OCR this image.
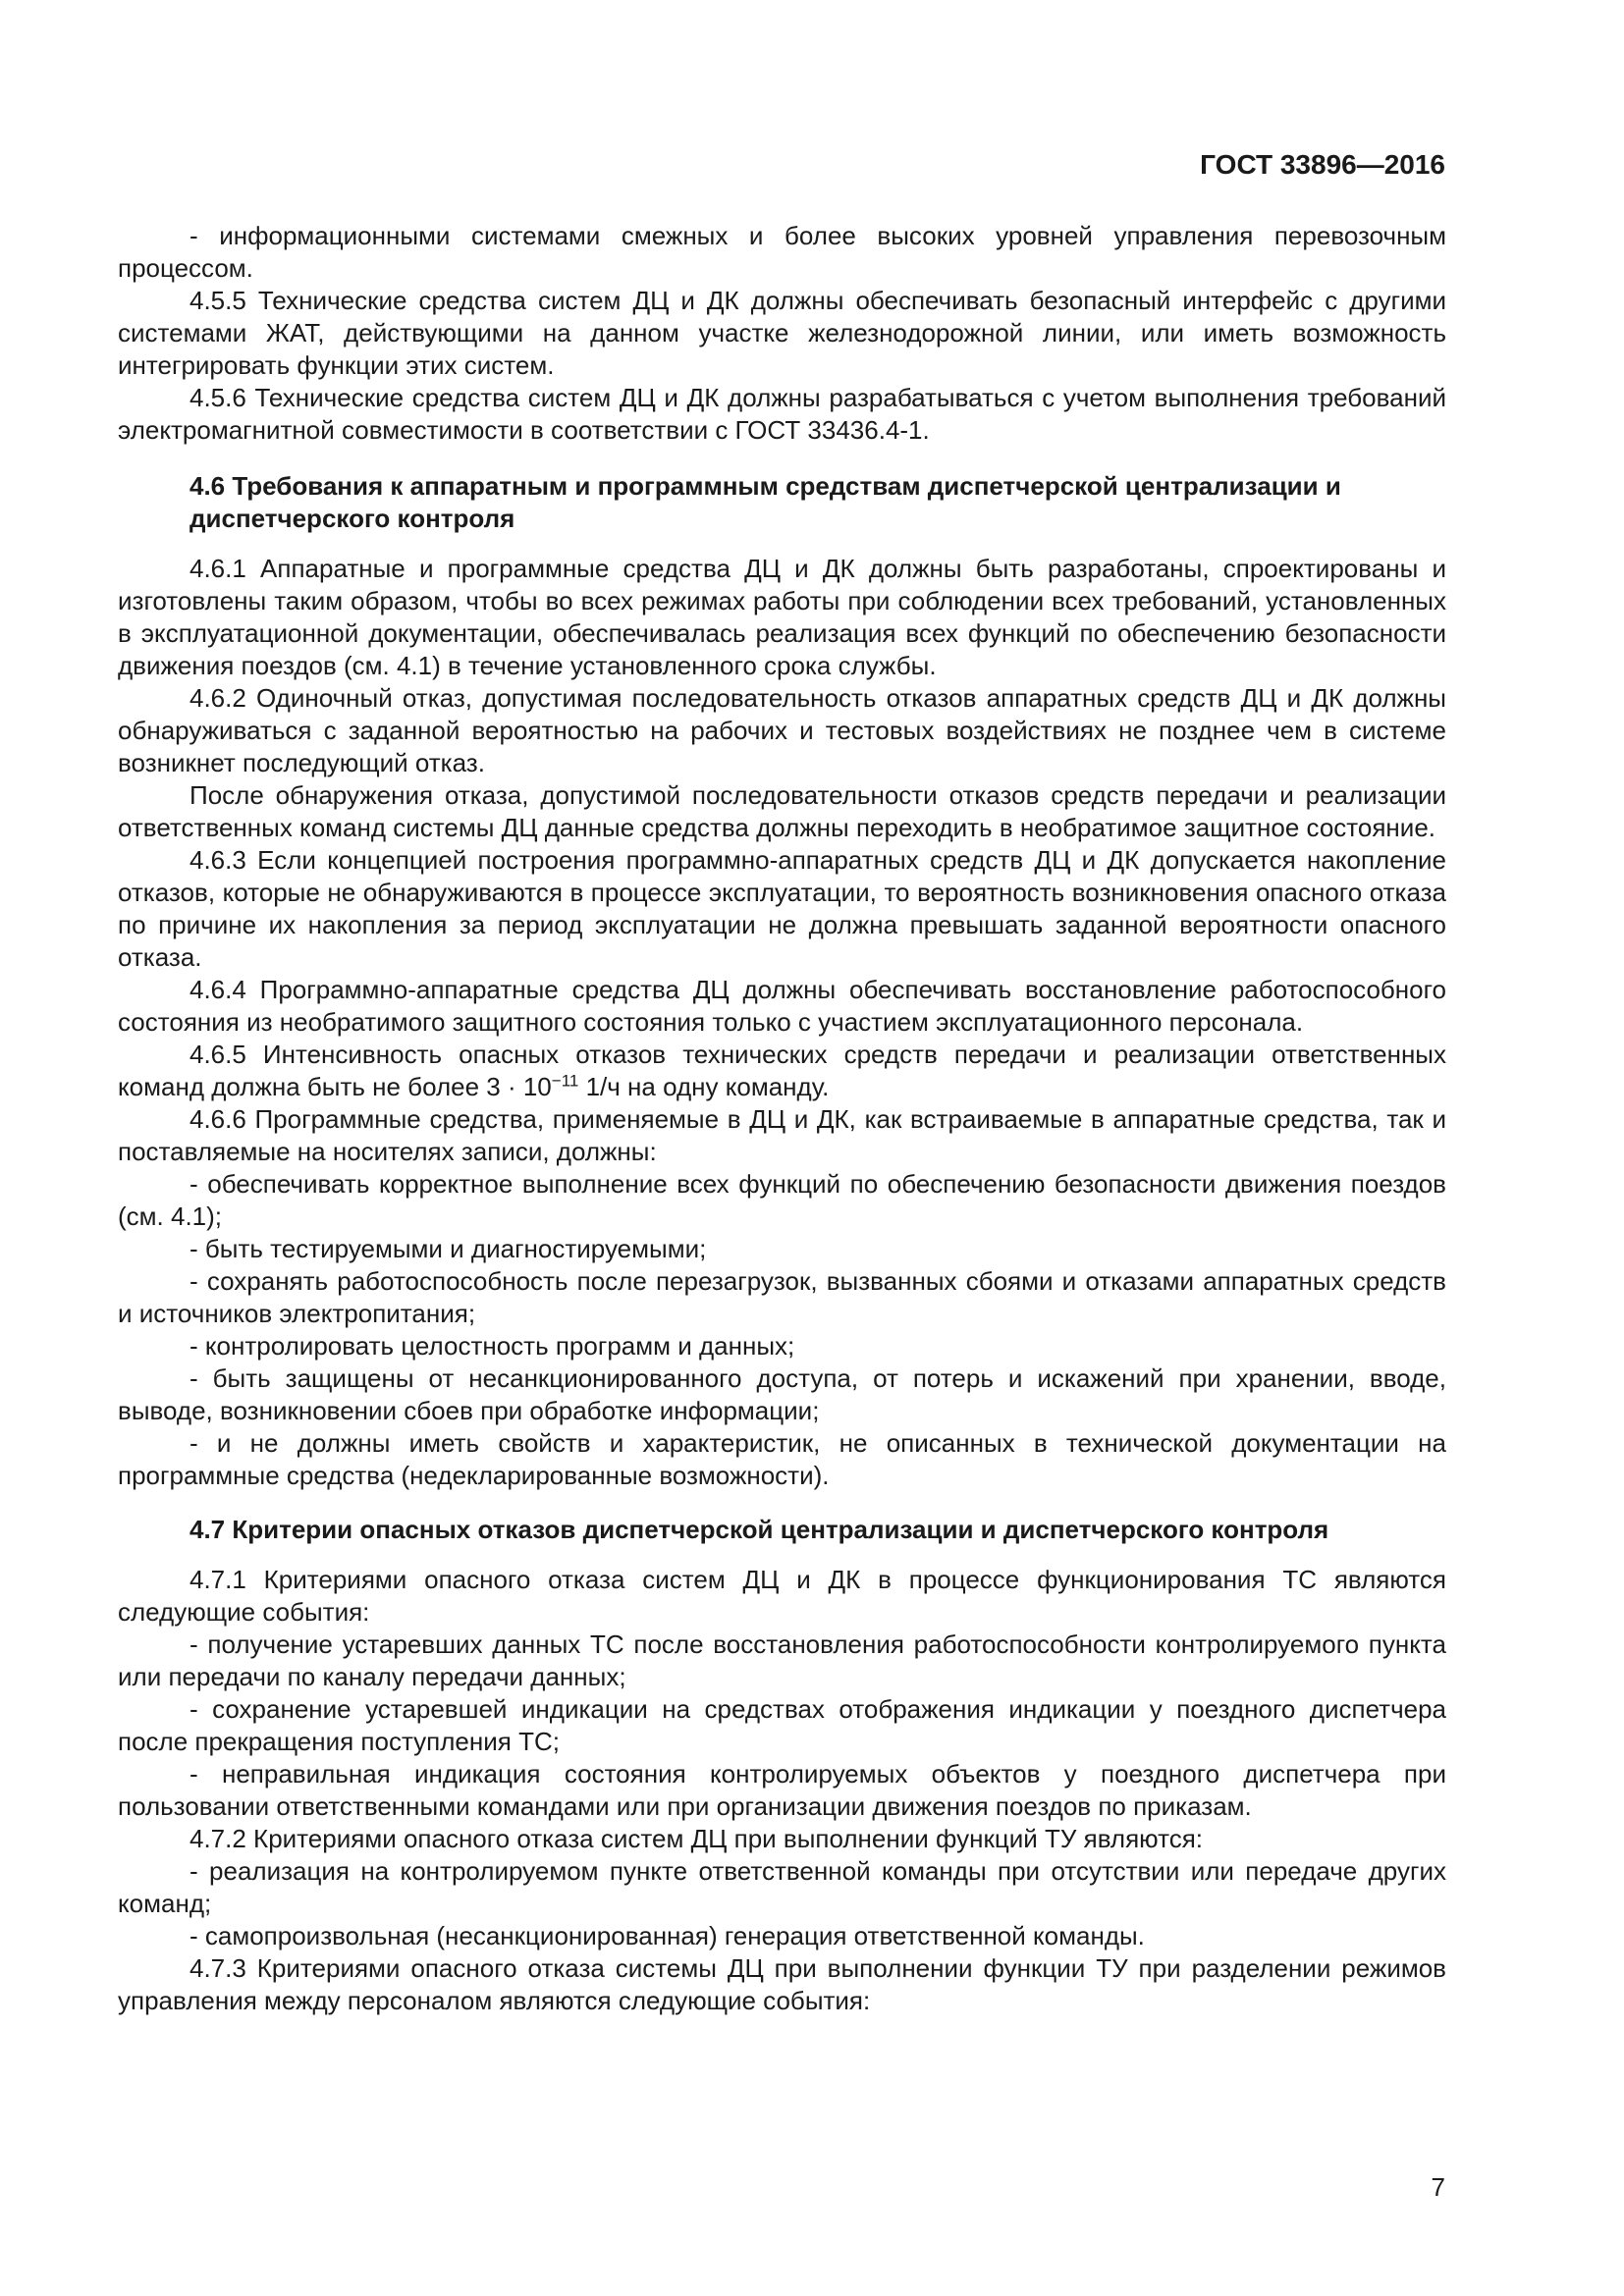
ГОСТ 33896—2016

- информационными системами смежных и более высоких уровней управления перевозочным процессом.

4.5.5 Технические средства систем ДЦ и ДК должны обеспечивать безопасный интерфейс с другими системами ЖАТ, действующими на данном участке железнодорожной линии, или иметь возможность интегрировать функции этих систем.

4.5.6 Технические средства систем ДЦ и ДК должны разрабатываться с учетом выполнения требований электромагнитной совместимости в соответствии с ГОСТ 33436.4-1.

4.6 Требования к аппаратным и программным средствам диспетчерской централизации и диспетчерского контроля

4.6.1 Аппаратные и программные средства ДЦ и ДК должны быть разработаны, спроектированы и изготовлены таким образом, чтобы во всех режимах работы при соблюдении всех требований, установленных в эксплуатационной документации, обеспечивалась реализация всех функций по обеспечению безопасности движения поездов (см. 4.1) в течение установленного срока службы.

4.6.2 Одиночный отказ, допустимая последовательность отказов аппаратных средств ДЦ и ДК должны обнаруживаться с заданной вероятностью на рабочих и тестовых воздействиях не позднее чем в системе возникнет последующий отказ.

После обнаружения отказа, допустимой последовательности отказов средств передачи и реализации ответственных команд системы ДЦ данные средства должны переходить в необратимое защитное состояние.

4.6.3 Если концепцией построения программно-аппаратных средств ДЦ и ДК допускается накопление отказов, которые не обнаруживаются в процессе эксплуатации, то вероятность возникновения опасного отказа по причине их накопления за период эксплуатации не должна превышать заданной вероятности опасного отказа.

4.6.4 Программно-аппаратные средства ДЦ должны обеспечивать восстановление работоспособного состояния из необратимого защитного состояния только с участием эксплуатационного персонала.

4.6.5 Интенсивность опасных отказов технических средств передачи и реализации ответственных команд должна быть не более $3 \cdot 10^{-11}$ 1/ч на одну команду.

4.6.6 Программные средства, применяемые в ДЦ и ДК, как встраиваемые в аппаратные средства, так и поставляемые на носителях записи, должны:

- обеспечивать корректное выполнение всех функций по обеспечению безопасности движения поездов (см. 4.1);

- быть тестируемыми и диагностируемыми;

- сохранять работоспособность после перезагрузок, вызванных сбоями и отказами аппаратных средств и источников электропитания;

- контролировать целостность программ и данных;

- быть защищены от несанкционированного доступа, от потерь и искажений при хранении, вводе, выводе, возникновении сбоев при обработке информации;

- и не должны иметь свойств и характеристик, не описанных в технической документации на программные средства (недекларированные возможности).

4.7 Критерии опасных отказов диспетчерской централизации и диспетчерского контроля

4.7.1 Критериями опасного отказа систем ДЦ и ДК в процессе функционирования ТС являются следующие события:

- получение устаревших данных ТС после восстановления работоспособности контролируемого пункта или передачи по каналу передачи данных;

- сохранение устаревшей индикации на средствах отображения индикации у поездного диспетчера после прекращения поступления ТС;

- неправильная индикация состояния контролируемых объектов у поездного диспетчера при пользовании ответственными командами или при организации движения поездов по приказам.

4.7.2 Критериями опасного отказа систем ДЦ при выполнении функций ТУ являются:

- реализация на контролируемом пункте ответственной команды при отсутствии или передаче других команд;

- самопроизвольная (несанкционированная) генерация ответственной команды.

4.7.3 Критериями опасного отказа системы ДЦ при выполнении функции ТУ при разделении режимов управления между персоналом являются следующие события:

7
